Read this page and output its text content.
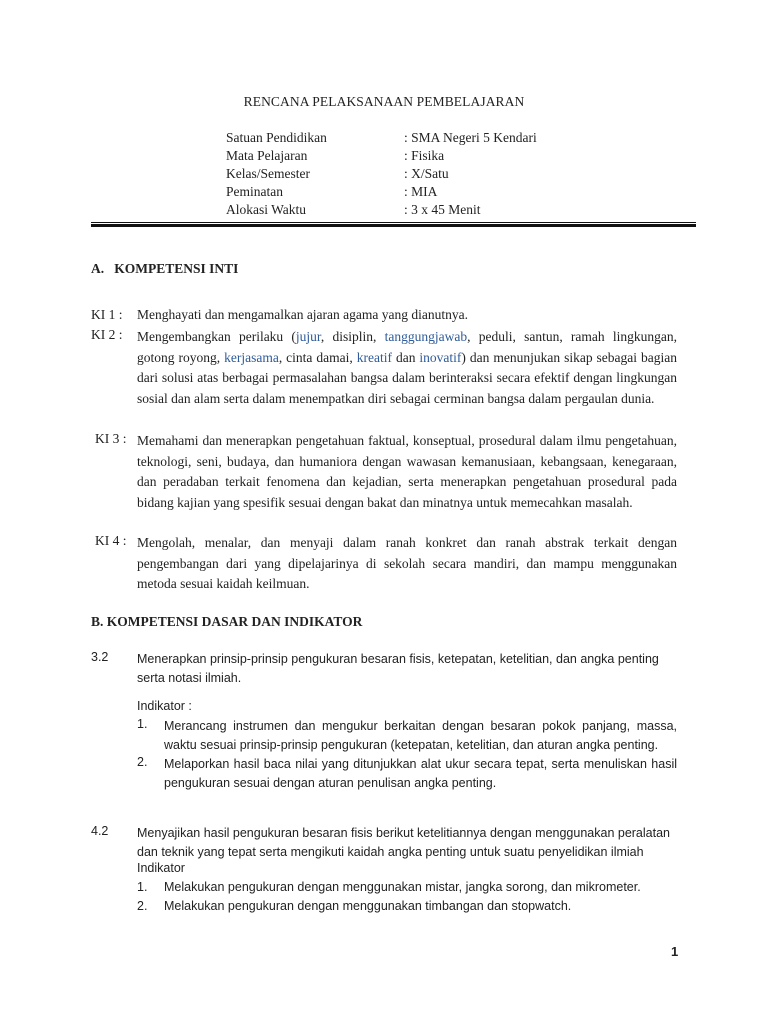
RENCANA PELAKSANAAN PEMBELAJARAN
Satuan Pendidikan	: SMA Negeri 5 Kendari
Mata Pelajaran	: Fisika
Kelas/Semester	: X/Satu
Peminatan	: MIA
Alokasi Waktu	: 3 x 45 Menit
A.   KOMPETENSI INTI
KI 1 : Menghayati dan mengamalkan ajaran agama yang dianutnya.
KI 2 : Mengembangkan perilaku (jujur, disiplin, tanggungjawab, peduli, santun, ramah lingkungan, gotong royong, kerjasama, cinta damai, kreatif dan inovatif) dan menunjukan sikap sebagai bagian dari solusi atas berbagai permasalahan bangsa dalam berinteraksi secara efektif dengan lingkungan sosial dan alam serta dalam menempatkan diri sebagai cerminan bangsa dalam pergaulan dunia.
KI 3 : Memahami dan menerapkan pengetahuan faktual, konseptual, prosedural dalam ilmu pengetahuan, teknologi, seni, budaya, dan humaniora dengan wawasan kemanusiaan, kebangsaan, kenegaraan, dan peradaban terkait fenomena dan kejadian, serta menerapkan pengetahuan prosedural pada bidang kajian yang spesifik sesuai dengan bakat dan minatnya untuk memecahkan masalah.
KI 4 : Mengolah, menalar, dan menyaji dalam ranah konkret dan ranah abstrak terkait dengan pengembangan dari yang dipelajarinya di sekolah secara mandiri, dan mampu menggunakan metoda sesuai kaidah keilmuan.
B. KOMPETENSI DASAR DAN INDIKATOR
3.2 Menerapkan prinsip-prinsip pengukuran besaran fisis, ketepatan, ketelitian, dan angka penting serta notasi ilmiah.
Indikator :
1. Merancang instrumen dan mengukur berkaitan dengan besaran pokok panjang, massa, waktu sesuai prinsip-prinsip pengukuran (ketepatan, ketelitian, dan aturan angka penting.
2. Melaporkan hasil baca nilai yang ditunjukkan alat ukur secara tepat, serta menuliskan hasil pengukuran sesuai dengan aturan penulisan angka penting.
4.2 Menyajikan hasil pengukuran besaran fisis berikut ketelitiannya dengan menggunakan peralatan dan teknik yang tepat serta mengikuti kaidah angka penting untuk suatu penyelidikan ilmiah
Indikator
1. Melakukan pengukuran dengan menggunakan mistar, jangka sorong, dan mikrometer.
2. Melakukan pengukuran dengan menggunakan timbangan dan stopwatch.
1
